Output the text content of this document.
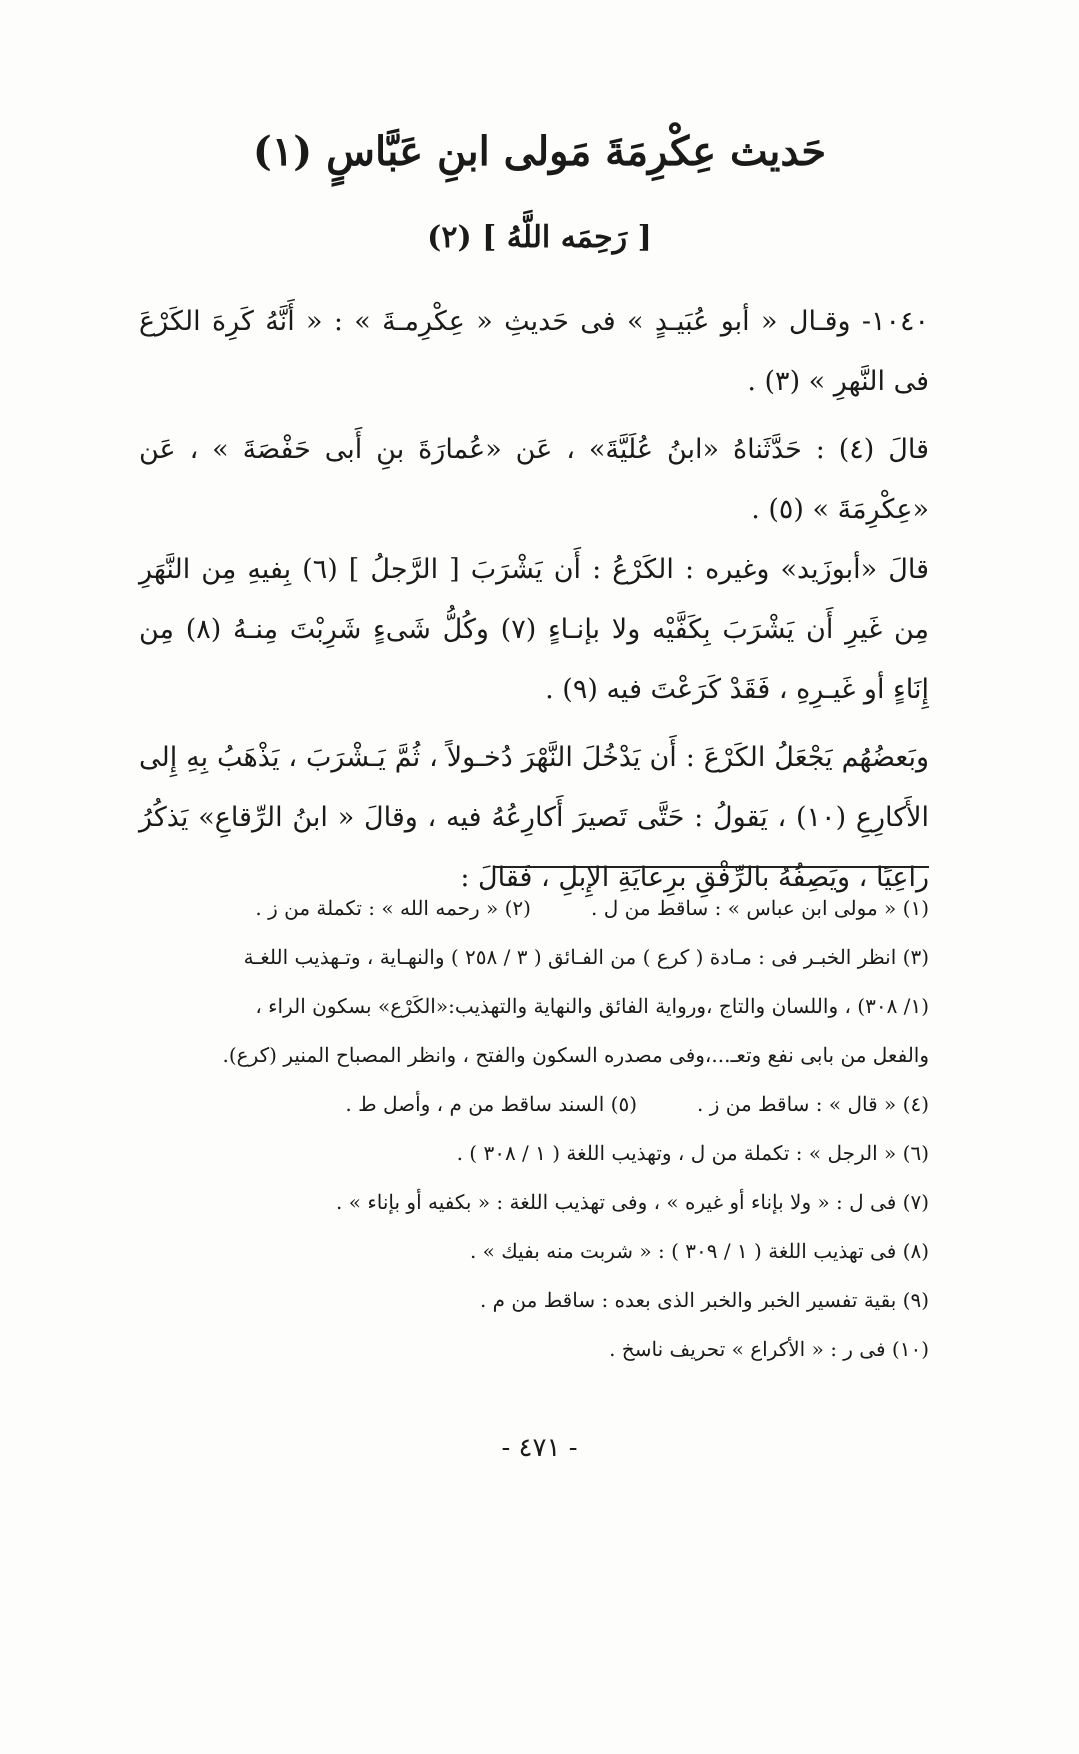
حَديث عِكْرِمَةَ مَولى ابنِ عَبَّاسٍ (١)
[ رَحِمَه اللَّهُ ] (٢)

١٠٤٠- وقـال « أبو عُبَيـدٍ » فى حَديثِ « عِكْرِمـةَ » : « أَنَّهُ كَرِهَ الكَرْعَ فى النَّهرِ » (٣) .

قالَ (٤) : حَدَّثَناهُ «ابنُ عُلَيَّةَ» ، عَن «عُمارَةَ بنِ أَبى حَفْصَةَ » ، عَن «عِكْرِمَةَ » (٥) .

قالَ «أبوزَيد» وغيره : الكَرْعُ : أَن يَشْرَبَ [ الرَّجلُ ] (٦) بِفيهِ مِن النَّهَرِ مِن غَيرِ أَن يَشْرَبَ بِكَفَّيْه ولا بإنـاءٍ (٧) وكُلُّ شَىءٍ شَرِبْتَ مِنـهُ (٨) مِن إِنَاءٍ أو غَيـرِهِ ، فَقَدْ كَرَعْتَ فيه (٩) .

وبَعضُهُم يَجْعَلُ الكَرْعَ : أَن يَدْخُلَ النَّهْرَ دُخـولاً ، ثُمَّ يَـشْرَبَ ، يَذْهَبُ بِهِ إِلى الأَكارِعِ (١٠) ، يَقولُ : حَتَّى تَصيرَ أَكارِعُهُ فيه ، وقالَ « ابنُ الرِّقاعِ» يَذكُرُ راعِيًا ، ويَصِفُهُ بالرِّفْقِ برِعايَةِ الإِبلِ ، فَقالَ :

(١) « مولى ابن عباس » : ساقط من ل .
(٢) « رحمه الله » : تكملة من ز .
(٣) انظر الخبـر فى : مـادة ( كرع ) من الفـائق ( ٣ / ٢٥٨ ) والنهـاية ، وتـهذيب اللغـة
(١/ ٣٠٨) ، واللسان والتاج ،ورواية الفائق والنهاية والتهذيب:«الكَرْع» بسكون الراء ،
والفعل من بابى نفع وتعـ...،وفى مصدره السكون والفتح ، وانظر المصباح المنير (كرع).
(٤) « قال » : ساقط من ز .
(٥) السند ساقط من م ، وأصل ط .
(٦) « الرجل » : تكملة من ل ، وتهذيب اللغة ( ١ / ٣٠٨ ) .
(٧) فى ل : « ولا بإناء أو غيره » ، وفى تهذيب اللغة : « بكفيه أو بإناء » .
(٨) فى تهذيب اللغة ( ١ / ٣٠٩ ) : « شربت منه بفيك » .
(٩) بقية تفسير الخبر والخبر الذى بعده : ساقط من م .
(١٠) فى ر : « الأكراع » تحريف ناسخ .
- ٤٧١ -
